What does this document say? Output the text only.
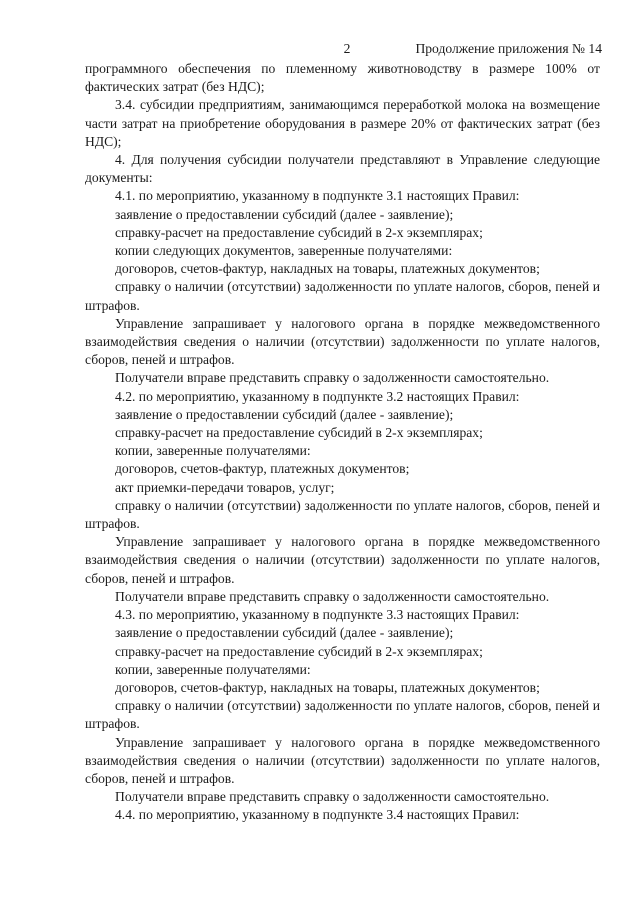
2	Продолжение приложения № 14

программного обеспечения по племенному животноводству в размере 100% от фактических затрат (без НДС);

3.4. субсидии предприятиям, занимающимся переработкой молока на возмещение части затрат на приобретение оборудования в размере 20% от фактических затрат (без НДС);

4. Для получения субсидии получатели представляют в Управление следующие документы:

4.1. по мероприятию, указанному в подпункте 3.1 настоящих Правил:

заявление о предоставлении субсидий (далее - заявление);

справку-расчет на предоставление субсидий в 2-х экземплярах;

копии следующих документов, заверенные получателями:

договоров, счетов-фактур, накладных на товары, платежных документов;

справку о наличии (отсутствии) задолженности по уплате налогов, сборов, пеней и штрафов.

Управление запрашивает у налогового органа в порядке межведомственного взаимодействия сведения о наличии (отсутствии) задолженности по уплате налогов, сборов, пеней и штрафов.

Получатели вправе представить справку о задолженности самостоятельно.

4.2. по мероприятию, указанному в подпункте 3.2 настоящих Правил:

заявление о предоставлении субсидий (далее - заявление);

справку-расчет на предоставление субсидий в 2-х экземплярах;

копии, заверенные получателями:

договоров, счетов-фактур, платежных документов;

акт приемки-передачи товаров, услуг;

справку о наличии (отсутствии) задолженности по уплате налогов, сборов, пеней и штрафов.

Управление запрашивает у налогового органа в порядке межведомственного взаимодействия сведения о наличии (отсутствии) задолженности по уплате налогов, сборов, пеней и штрафов.

Получатели вправе представить справку о задолженности самостоятельно.

4.3. по мероприятию, указанному в подпункте 3.3 настоящих Правил:

заявление о предоставлении субсидий (далее - заявление);

справку-расчет на предоставление субсидий в 2-х экземплярах;

копии, заверенные получателями:

договоров, счетов-фактур, накладных на товары, платежных документов;

справку о наличии (отсутствии) задолженности по уплате налогов, сборов, пеней и штрафов.

Управление запрашивает у налогового органа в порядке межведомственного взаимодействия сведения о наличии (отсутствии) задолженности по уплате налогов, сборов, пеней и штрафов.

Получатели вправе представить справку о задолженности самостоятельно.

4.4. по мероприятию, указанному в подпункте 3.4 настоящих Правил:
